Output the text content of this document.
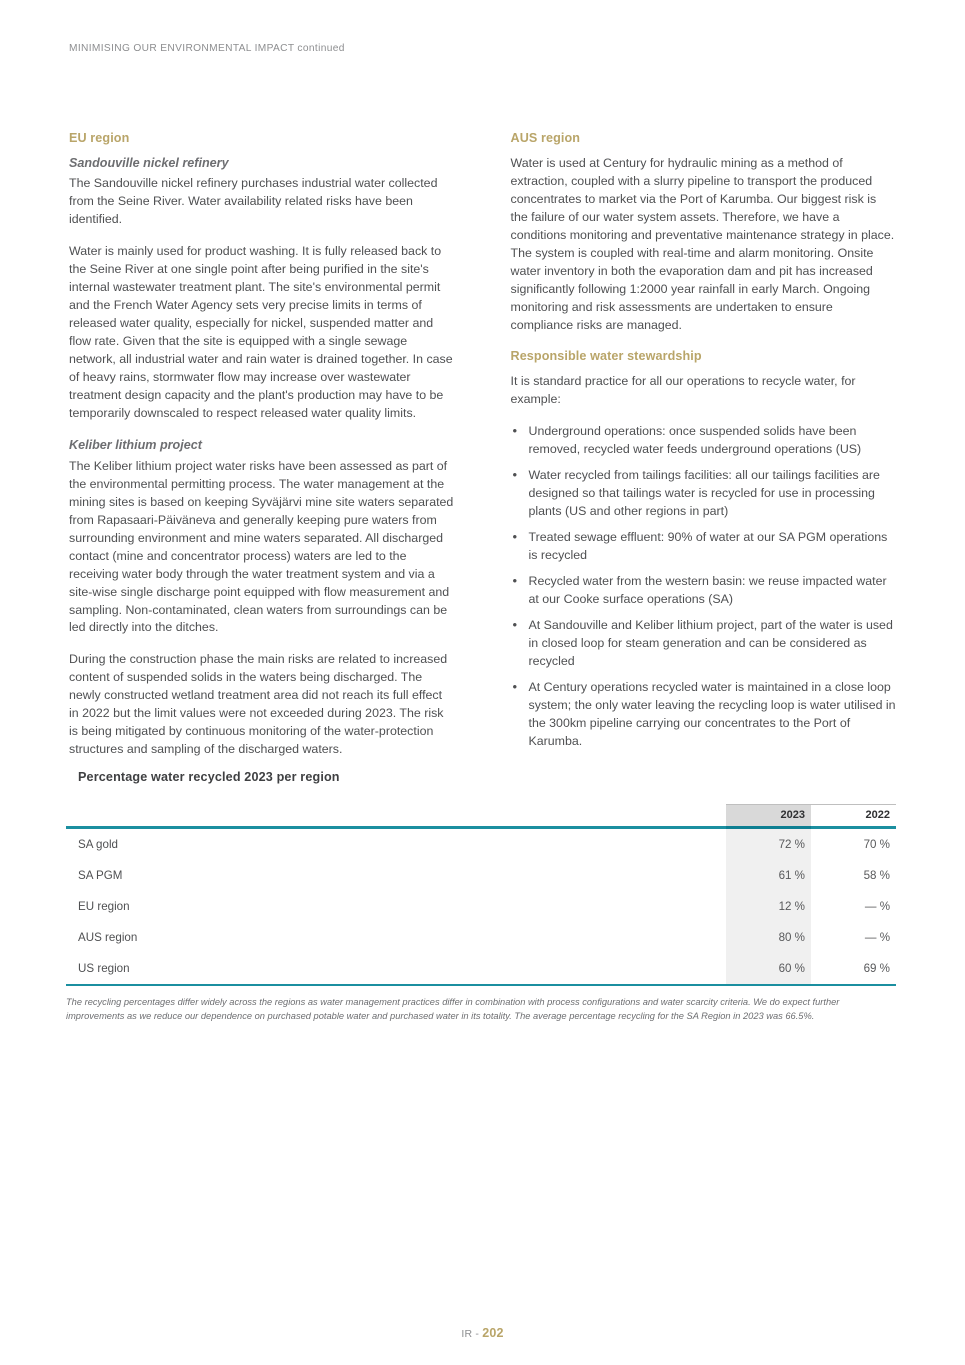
MINIMISING OUR ENVIRONMENTAL IMPACT continued
EU region
Sandouville nickel refinery

The Sandouville nickel refinery purchases industrial water collected from the Seine River. Water availability related risks have been identified.

Water is mainly used for product washing. It is fully released back to the Seine River at one single point after being purified in the site's internal wastewater treatment plant. The site's environmental permit and the French Water Agency sets very precise limits in terms of released water quality, especially for nickel, suspended matter and flow rate. Given that the site is equipped with a single sewage network, all industrial water and rain water is drained together. In case of heavy rains, stormwater flow may increase over wastewater treatment design capacity and the plant's production may have to be temporarily downscaled to respect released water quality limits.

Keliber lithium project

The Keliber lithium project water risks have been assessed as part of the environmental permitting process. The water management at the mining sites is based on keeping Syväjärvi mine site waters separated from Rapasaari-Päiväneva and generally keeping pure waters from surrounding environment and mine waters separated. All discharged contact (mine and concentrator process) waters are led to the receiving water body through the water treatment system and via a site-wise single discharge point equipped with flow measurement and sampling. Non-contaminated, clean waters from surroundings can be led directly into the ditches.

During the construction phase the main risks are related to increased content of suspended solids in the waters being discharged. The newly constructed wetland treatment area did not reach its full effect in 2022 but the limit values were not exceeded during 2023. The risk is being mitigated by continuous monitoring of the water-protection structures and sampling of the discharged waters.

AUS region

Water is used at Century for hydraulic mining as a method of extraction, coupled with a slurry pipeline to transport the produced concentrates to market via the Port of Karumba. Our biggest risk is the failure of our water system assets. Therefore, we have a conditions monitoring and preventative maintenance strategy in place. The system is coupled with real-time and alarm monitoring. Onsite water inventory in both the evaporation dam and pit has increased significantly following 1:2000 year rainfall in early March. Ongoing monitoring and risk assessments are undertaken to ensure compliance risks are managed.

Responsible water stewardship

It is standard practice for all our operations to recycle water, for example:

• Underground operations: once suspended solids have been removed, recycled water feeds underground operations (US)
• Water recycled from tailings facilities: all our tailings facilities are designed so that tailings water is recycled for use in processing plants (US and other regions in part)
• Treated sewage effluent: 90% of water at our SA PGM operations is recycled
• Recycled water from the western basin: we reuse impacted water at our Cooke surface operations (SA)
• At Sandouville and Keliber lithium project, part of the water is used in closed loop for steam generation and can be considered as recycled
• At Century operations recycled water is maintained in a close loop system; the only water leaving the recycling loop is water utilised in the 300km pipeline carrying our concentrates to the Port of Karumba.
Percentage water recycled 2023 per region
	2023	2022

SA gold	72 %	70 %
SA PGM	61 %	58 %
EU region	12 %	— %
AUS region	80 %	— %
US region	60 %	69 %

The recycling percentages differ widely across the regions as water management practices differ in combination with process configurations and water scarcity criteria. We do expect further improvements as we reduce our dependence on purchased potable water and purchased water in its totality. The average percentage recycling for the SA Region in 2023 was 66.5%.
IR - 202
